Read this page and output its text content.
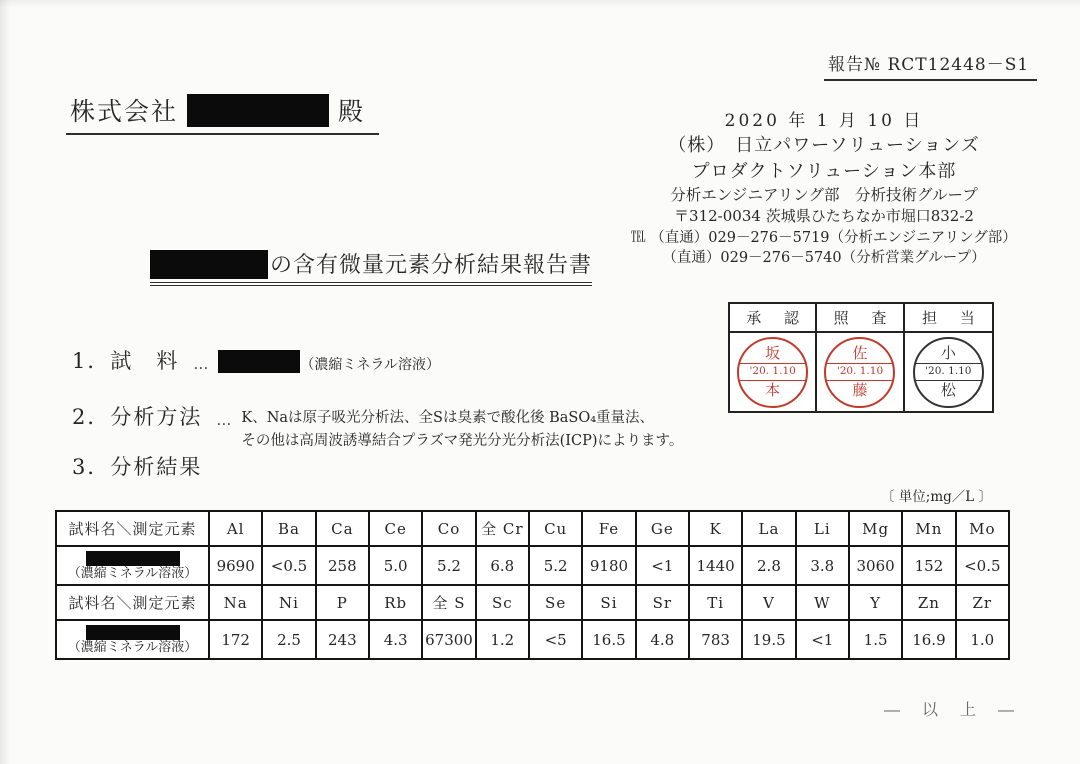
報告№ RCT12448－S1
株式会社	殿	2020 年 1 月 10 日
（株）　日立パワーソリューションズ
プロダクトソリューション本部
分析エンジニアリング部　分析技術グループ
〒312-0034 茨城県ひたちなか市堀口832-2
℡ （直通）029－276－5719（分析エンジニアリング部）
（直通）029－276－5740（分析営業グループ）
の含有微量元素分析結果報告書
承 認	照 査	担 当
坂
'20. 1.10
本
佐
'20. 1.10
藤
小
'20. 1.10
松
1．試　料 …	（濃縮ミネラル溶液）
2．分析方法 … K、Naは原子吸光分析法、全Sは臭素で酸化後 BaSO₄重量法、
その他は高周波誘導結合プラズマ発光分光分析法(ICP)によります。
3．分析結果
〔 単位;mg／L 〕
試料名＼測定元素	Al	Ba	Ca	Ce	Co	全 Cr	Cu	Fe	Ge	K	La	Li	Mg	Mn	Mo

（濃縮ミネラル溶液）	9690	<0.5	258	5.0	5.2	6.8	5.2	9180	<1	1440	2.8	3.8	3060	152	<0.5
試料名＼測定元素	Na	Ni	P	Rb	全 S	Sc	Se	Si	Sr	Ti	V	W	Y	Zn	Zr

（濃縮ミネラル溶液）	172	2.5	243	4.3	67300	1.2	<5	16.5	4.8	783	19.5	<1	1.5	16.9	1.0
―　以　上　―
